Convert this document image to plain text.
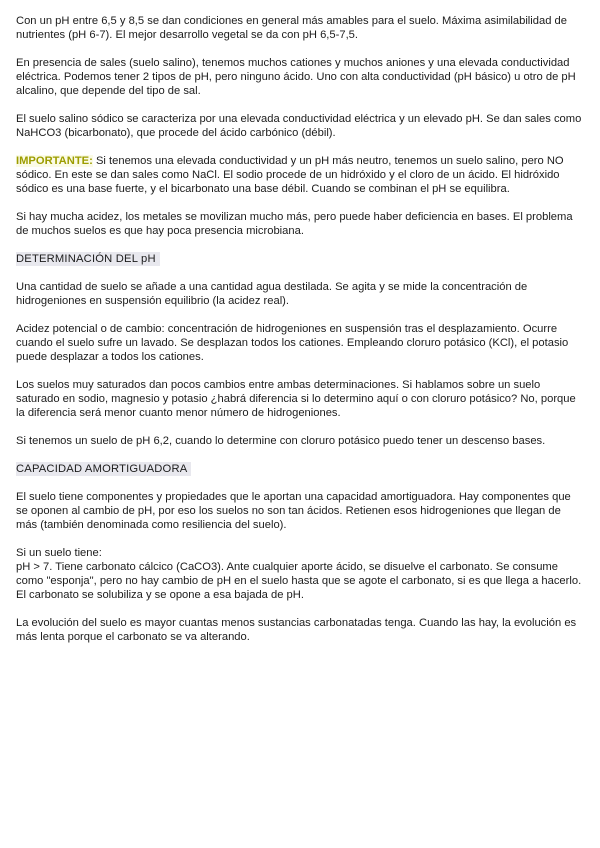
Con un pH entre 6,5 y 8,5 se dan condiciones en general más amables para el suelo. Máxima asimilabilidad de nutrientes (pH 6-7). El mejor desarrollo vegetal se da con pH 6,5-7,5.

En presencia de sales (suelo salino), tenemos muchos cationes y muchos aniones y una elevada conductividad eléctrica. Podemos tener 2 tipos de pH, pero ninguno ácido. Uno con alta conductividad (pH básico) u otro de pH alcalino, que depende del tipo de sal.

El suelo salino sódico se caracteriza por una elevada conductividad eléctrica y un elevado pH. Se dan sales como NaHCO3 (bicarbonato), que procede del ácido carbónico (débil).

IMPORTANTE: Si tenemos una elevada conductividad y un pH más neutro, tenemos un suelo salino, pero NO sódico. En este se dan sales como NaCl. El sodio procede de un hidróxido y el cloro de un ácido. El hidróxido sódico es una base fuerte, y el bicarbonato una base débil. Cuando se combinan el pH se equilibra.

Si hay mucha acidez, los metales se movilizan mucho más, pero puede haber deficiencia en bases. El problema de muchos suelos es que hay poca presencia microbiana.

DETERMINACIÓN DEL pH

Una cantidad de suelo se añade a una cantidad agua destilada. Se agita y se mide la concentración de hidrogeniones en suspensión equilibrio (la acidez real).

Acidez potencial o de cambio: concentración de hidrogeniones en suspensión tras el desplazamiento. Ocurre cuando el suelo sufre un lavado. Se desplazan todos los cationes. Empleando cloruro potásico (KCl), el potasio puede desplazar a todos los cationes.

Los suelos muy saturados dan pocos cambios entre ambas determinaciones. Si hablamos sobre un suelo saturado en sodio, magnesio y potasio ¿habrá diferencia si lo determino aquí o con cloruro potásico? No, porque la diferencia será menor cuanto menor número de hidrogeniones.

Si tenemos un suelo de pH 6,2, cuando lo determine con cloruro potásico puedo tener un descenso bases.

CAPACIDAD AMORTIGUADORA

El suelo tiene componentes y propiedades que le aportan una capacidad amortiguadora. Hay componentes que se oponen al cambio de pH, por eso los suelos no son tan ácidos. Retienen esos hidrogeniones que llegan de más (también denominada como resiliencia del suelo).

Si un suelo tiene:
pH > 7. Tiene carbonato cálcico (CaCO3). Ante cualquier aporte ácido, se disuelve el carbonato. Se consume como "esponja", pero no hay cambio de pH en el suelo hasta que se agote el carbonato, si es que llega a hacerlo. El carbonato se solubiliza y se opone a esa bajada de pH.

La evolución del suelo es mayor cuantas menos sustancias carbonatadas tenga. Cuando las hay, la evolución es más lenta porque el carbonato se va alterando.
